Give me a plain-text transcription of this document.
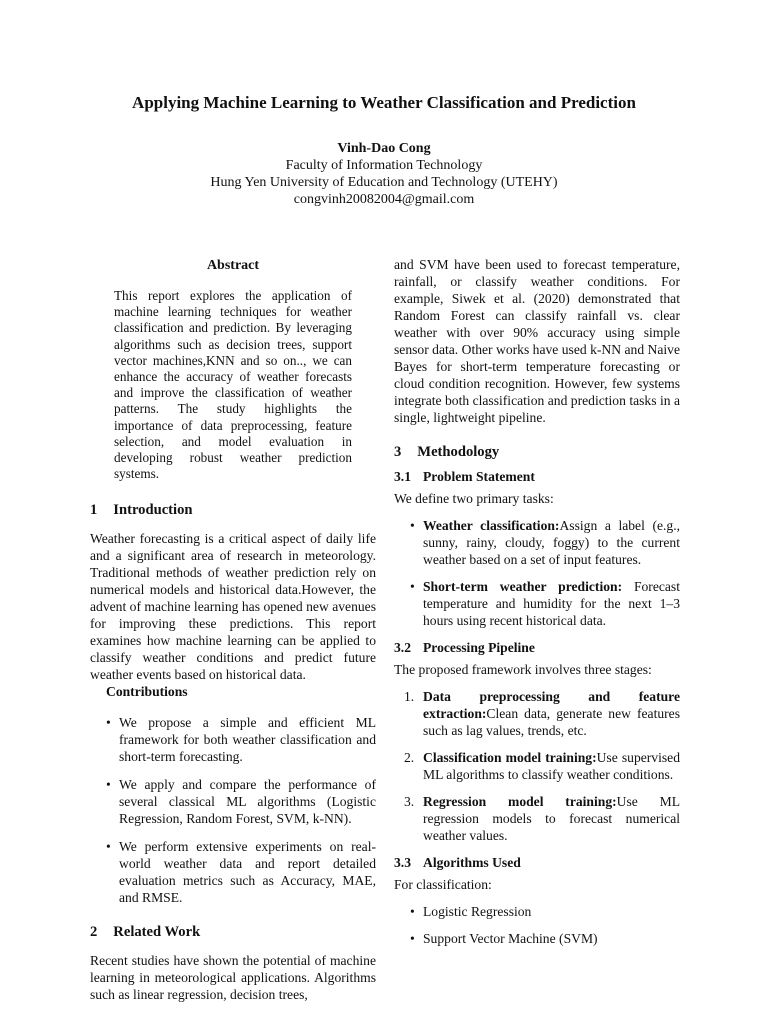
Applying Machine Learning to Weather Classification and Prediction
Vinh-Dao Cong
Faculty of Information Technology
Hung Yen University of Education and Technology (UTEHY)
congvinh20082004@gmail.com
Abstract

This report explores the application of machine learning techniques for weather classification and prediction. By leveraging algorithms such as decision trees, support vector machines,KNN and so on.., we can enhance the accuracy of weather forecasts and improve the classification of weather patterns. The study highlights the importance of data preprocessing, feature selection, and model evaluation in developing robust weather prediction systems.

1 Introduction

Weather forecasting is a critical aspect of daily life and a significant area of research in meteorology. Traditional methods of weather prediction rely on numerical models and historical data.However, the advent of machine learning has opened new avenues for improving these predictions. This report examines how machine learning can be applied to classify weather conditions and predict future weather events based on historical data.

Contributions
• We propose a simple and efficient ML framework for both weather classification and short-term forecasting.
• We apply and compare the performance of several classical ML algorithms (Logistic Regression, Random Forest, SVM, k-NN).
• We perform extensive experiments on real-world weather data and report detailed evaluation metrics such as Accuracy, MAE, and RMSE.
2 Related Work

Recent studies have shown the potential of machine learning in meteorological applications. Algorithms such as linear regression, decision trees,

and SVM have been used to forecast temperature, rainfall, or classify weather conditions. For example, Siwek et al. (2020) demonstrated that Random Forest can classify rainfall vs. clear weather with over 90% accuracy using simple sensor data. Other works have used k-NN and Naive Bayes for short-term temperature forecasting or cloud condition recognition. However, few systems integrate both classification and prediction tasks in a single, lightweight pipeline.

3 Methodology
3.1 Problem Statement

We define two primary tasks:

• Weather classification:Assign a label (e.g., sunny, rainy, cloudy, foggy) to the current weather based on a set of input features.
• Short-term weather prediction: Forecast temperature and humidity for the next 1–3 hours using recent historical data.
3.2 Processing Pipeline

The proposed framework involves three stages:

1. Data preprocessing and feature extraction:Clean data, generate new features such as lag values, trends, etc.
2. Classification model training:Use supervised ML algorithms to classify weather conditions.
3. Regression model training:Use ML regression models to forecast numerical weather values.
3.3 Algorithms Used

For classification:

• Logistic Regression
• Support Vector Machine (SVM)
